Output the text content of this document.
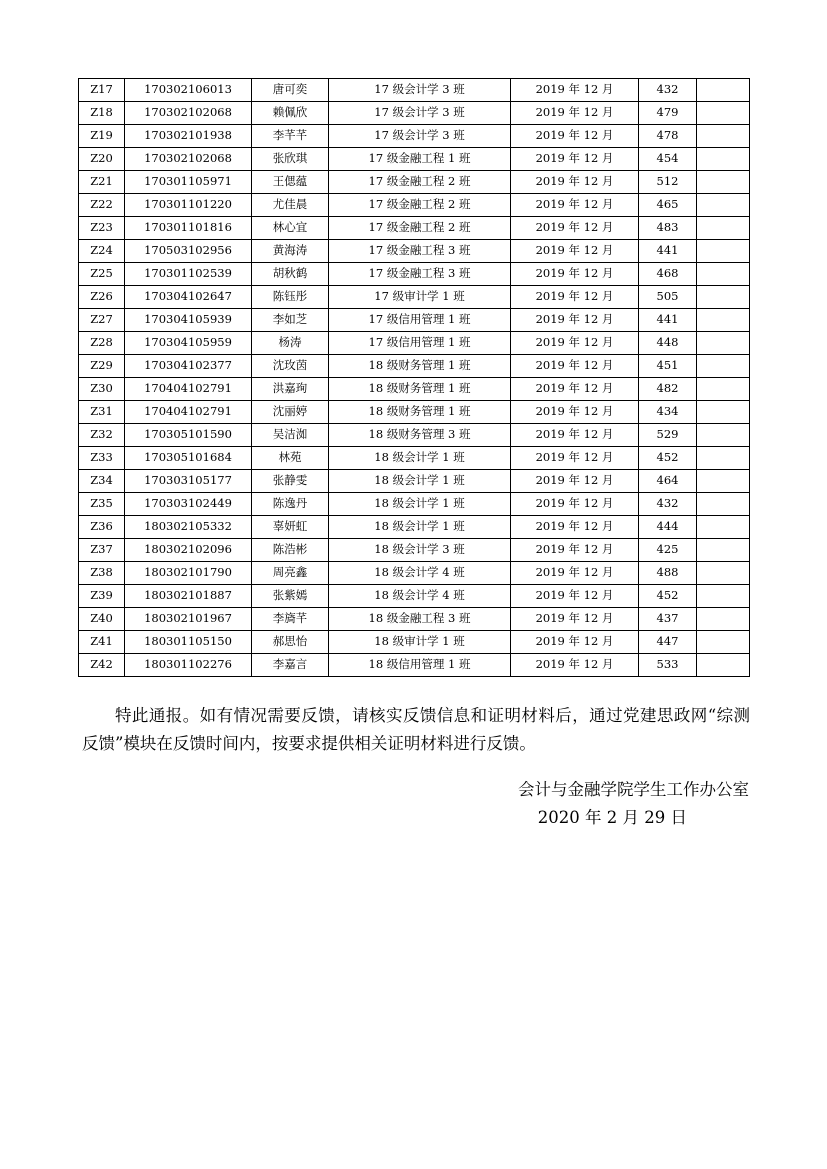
Z17	170302106013	唐可奕	17 级会计学 3 班	2019 年 12 月	432	
Z18	170302102068	赖佩欣	17 级会计学 3 班	2019 年 12 月	479	
Z19	170302101938	李芊芊	17 级会计学 3 班	2019 年 12 月	478	
Z20	170302102068	张欣琪	17 级金融工程 1 班	2019 年 12 月	454	
Z21	170301105971	王偲蕴	17 级金融工程 2 班	2019 年 12 月	512	
Z22	170301101220	尤佳晨	17 级金融工程 2 班	2019 年 12 月	465	
Z23	170301101816	林心宜	17 级金融工程 2 班	2019 年 12 月	483	
Z24	170503102956	黄海涛	17 级金融工程 3 班	2019 年 12 月	441	
Z25	170301102539	胡秋鹤	17 级金融工程 3 班	2019 年 12 月	468	
Z26	170304102647	陈钰彤	17 级审计学 1 班	2019 年 12 月	505	
Z27	170304105939	李如芝	17 级信用管理 1 班	2019 年 12 月	441	
Z28	170304105959	杨涛	17 级信用管理 1 班	2019 年 12 月	448	
Z29	170304102377	沈玫茵	18 级财务管理 1 班	2019 年 12 月	451	
Z30	170404102791	洪嘉珣	18 级财务管理 1 班	2019 年 12 月	482	
Z31	170404102791	沈丽婷	18 级财务管理 1 班	2019 年 12 月	434	
Z32	170305101590	吴洁洳	18 级财务管理 3 班	2019 年 12 月	529	
Z33	170305101684	林苑	18 级会计学 1 班	2019 年 12 月	452	
Z34	170303105177	张静雯	18 级会计学 1 班	2019 年 12 月	464	
Z35	170303102449	陈逸丹	18 级会计学 1 班	2019 年 12 月	432	
Z36	180302105332	辜妍虹	18 级会计学 1 班	2019 年 12 月	444	
Z37	180302102096	陈浩彬	18 级会计学 3 班	2019 年 12 月	425	
Z38	180302101790	周亮鑫	18 级会计学 4 班	2019 年 12 月	488	
Z39	180302101887	张紫嫣	18 级会计学 4 班	2019 年 12 月	452	
Z40	180302101967	李旖芊	18 级金融工程 3 班	2019 年 12 月	437	
Z41	180301105150	郝思怡	18 级审计学 1 班	2019 年 12 月	447	
Z42	180301102276	李嘉言	18 级信用管理 1 班	2019 年 12 月	533	

特此通报。如有情况需要反馈，请核实反馈信息和证明材料后，通过党建思政网“综测反馈”模块在反馈时间内，按要求提供相关证明材料进行反馈。

会计与金融学院学生工作办公室
2020 年 2 月 29 日
